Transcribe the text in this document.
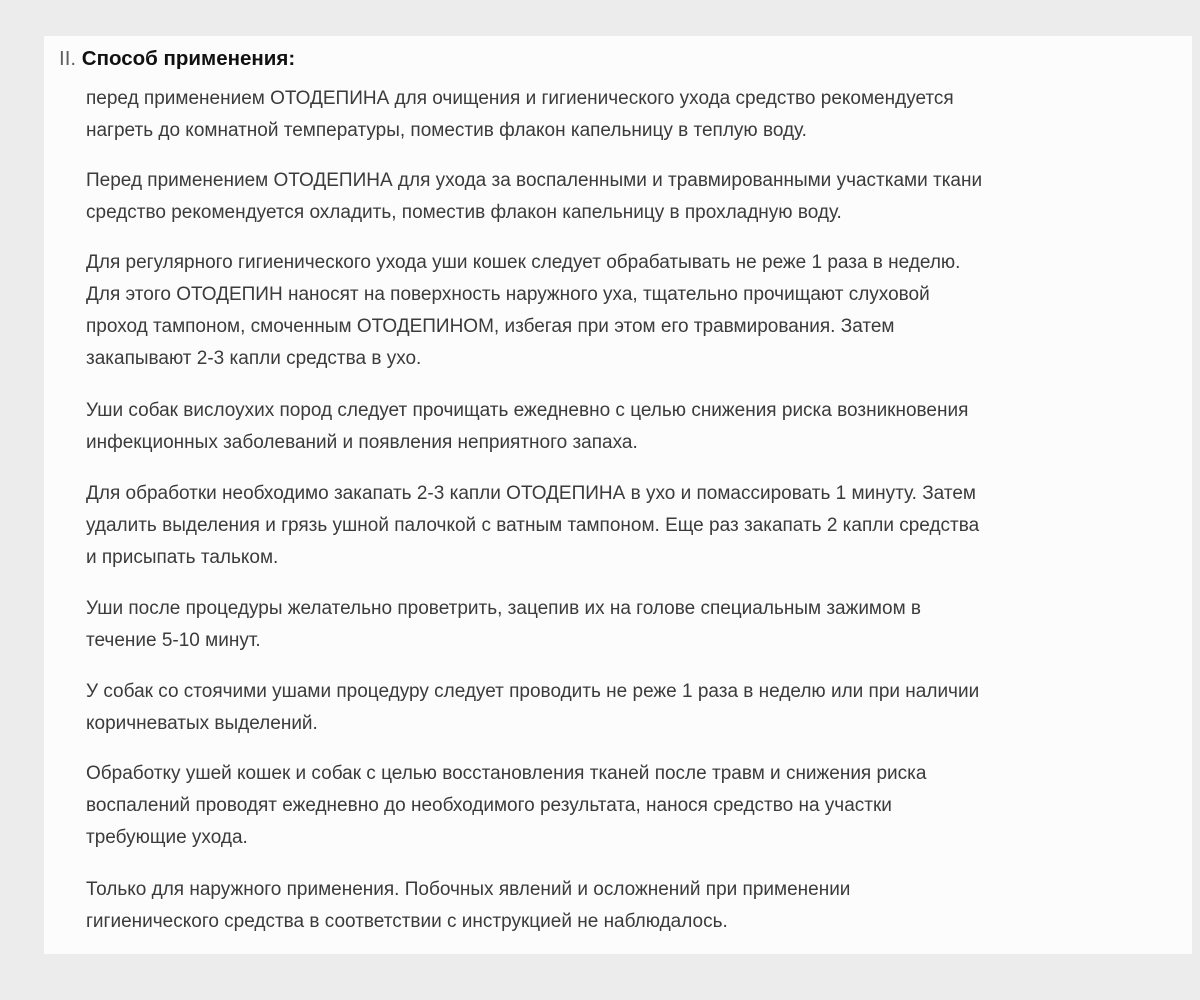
II. Способ применения:
перед применением ОТОДЕПИНА для очищения и гигиенического ухода средство рекомендуется
нагреть до комнатной температуры, поместив флакон капельницу в теплую воду.
Перед применением ОТОДЕПИНА для ухода за воспаленными и травмированными участками ткани
средство рекомендуется охладить, поместив флакон капельницу в прохладную воду.
Для регулярного гигиенического ухода уши кошек следует обрабатывать не реже 1 раза в неделю.
Для этого ОТОДЕПИН наносят на поверхность наружного уха, тщательно прочищают слуховой
проход тампоном, смоченным ОТОДЕПИНОМ, избегая при этом его травмирования. Затем
закапывают 2-3 капли средства в ухо.
Уши собак вислоухих пород следует прочищать ежедневно с целью снижения риска возникновения
инфекционных заболеваний и появления неприятного запаха.
Для обработки необходимо закапать 2-3 капли ОТОДЕПИНА в ухо и помассировать 1 минуту. Затем
удалить выделения и грязь ушной палочкой с ватным тампоном. Еще раз закапать 2 капли средства
и присыпать тальком.
Уши после процедуры желательно проветрить, зацепив их на голове специальным зажимом в
течение 5-10 минут.
У собак со стоячими ушами процедуру следует проводить не реже 1 раза в неделю или при наличии
коричневатых выделений.
Обработку ушей кошек и собак с целью восстановления тканей после травм и снижения риска
воспалений проводят ежедневно до необходимого результата, нанося средство на участки
требующие ухода.
Только для наружного применения. Побочных явлений и осложнений при применении
гигиенического средства в соответствии с инструкцией не наблюдалось.
